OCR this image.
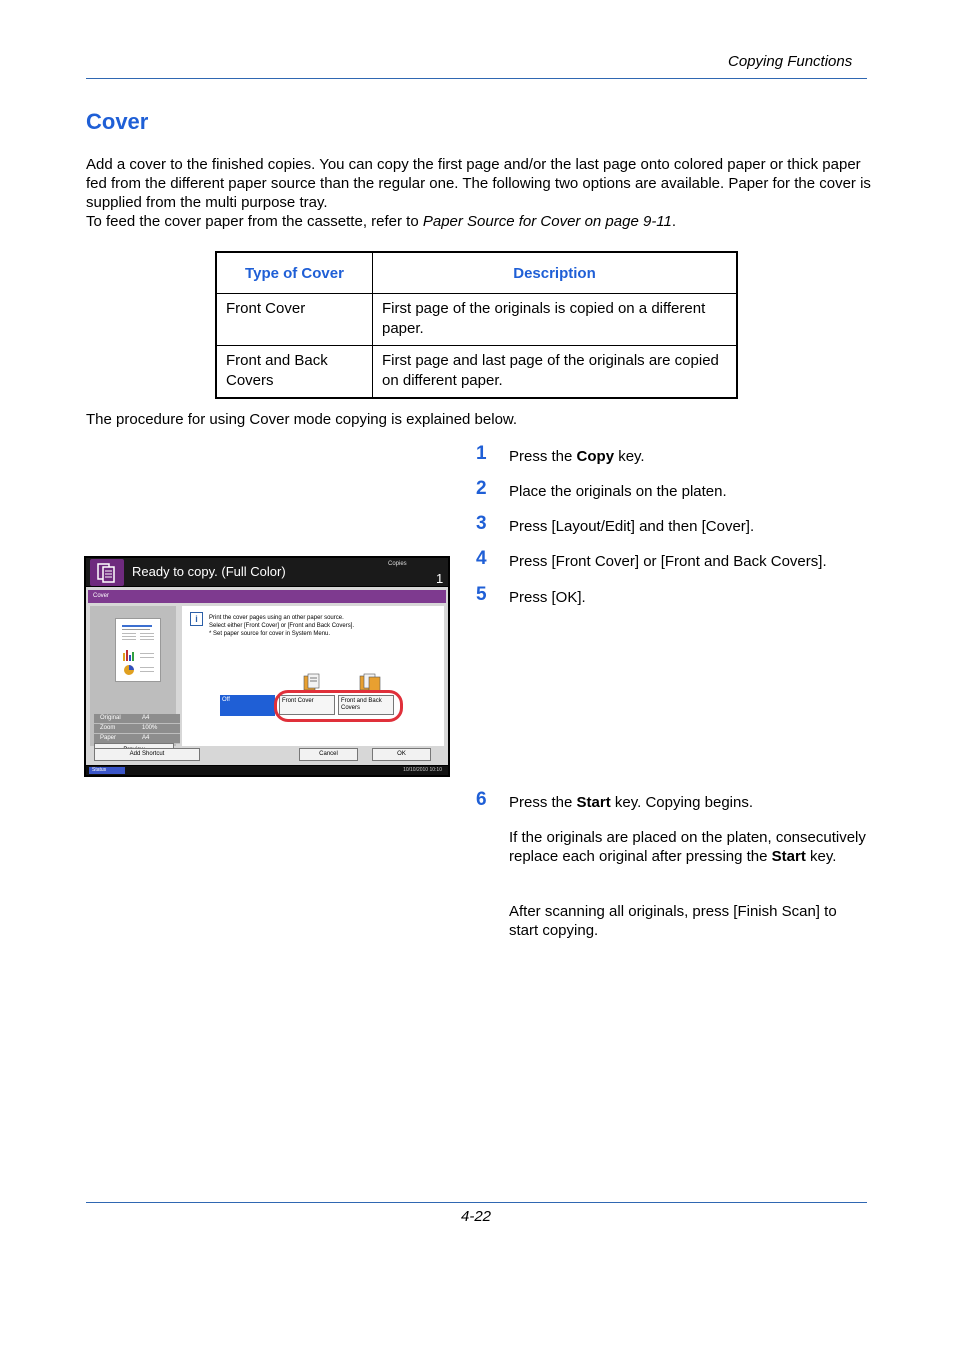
Copying Functions
Cover

Add a cover to the finished copies. You can copy the first page and/or the last page onto colored paper or thick paper fed from the different paper source than the regular one. The following two options are available. Paper for the cover is supplied from the multi purpose tray.

To feed the cover paper from the cassette, refer to Paper Source for Cover on page 9-11.

Type of Cover	Description
Front Cover	First page of the originals is copied on a different paper.
Front and Back Covers	First page and last page of the originals are copied on different paper.
The procedure for using Cover mode copying is explained below.
1 Press the Copy key.
2 Place the originals on the platen.
3 Press [Layout/Edit] and then [Cover].
4 Press [Front Cover] or [Front and Back Covers].
5 Press [OK].
6 Press the Start key. Copying begins.
If the originals are placed on the platen, consecutively replace each original after pressing the Start key.
After scanning all originals, press [Finish Scan] to start copying.
Ready to copy. (Full Color)	Copies
1
Cover
Original	A4
Zoom	100%
Paper	A4
i	Print the cover pages using an other paper source.
Select either [Front Cover] or [Front and Back Covers].
* Set paper source for cover in System Menu.
Off	Front Cover	Front and Back Covers
Add Shortcut	Cancel	OK
Status	10/10/2010 10:10
4-22
